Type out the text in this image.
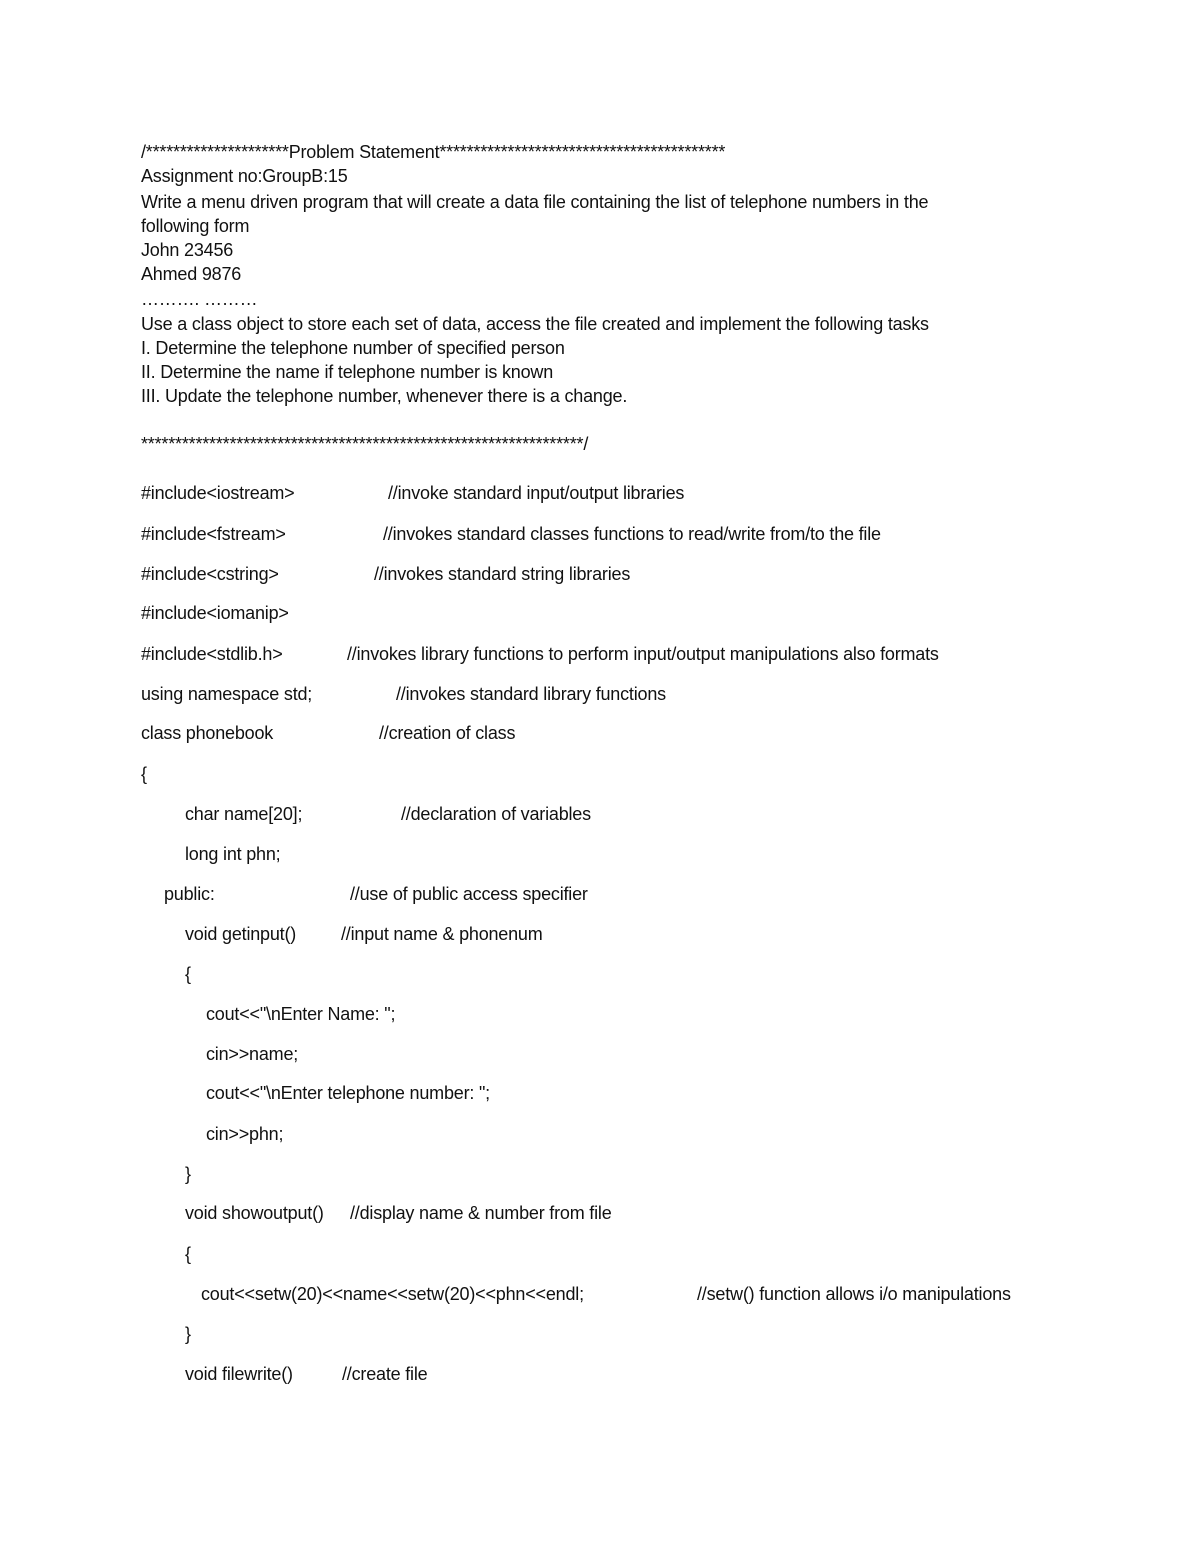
/*********************Problem Statement******************************************
Assignment no:GroupB:15
Write a menu driven program that will create a data file containing the list of telephone numbers in the
following form
John 23456
Ahmed 9876
………. ………
Use a class object to store each set of data, access the file created and implement the following tasks
I. Determine the telephone number of specified person
II. Determine the name if telephone number is known
III. Update the telephone number, whenever there is a change.
*****************************************************************/
#include<iostream>	//invoke standard input/output libraries
#include<fstream>	//invokes standard classes functions to read/write from/to the file
#include<cstring>	//invokes standard string libraries
#include<iomanip>
#include<stdlib.h>	//invokes library functions to perform input/output manipulations also formats
using namespace std;	//invokes standard library functions
class phonebook	//creation of class
{
char name[20];	//declaration of variables
long int phn;
public:	//use of public access specifier
void getinput() //input name & phonenum
{
cout<<"\nEnter Name: ";
cin>>name;
cout<<"\nEnter telephone number: ";
cin>>phn;
}
void showoutput() //display name & number from file
{
cout<<setw(20)<<name<<setw(20)<<phn<<endl;	//setw() function allows i/o manipulations
}
void filewrite()	//create file
